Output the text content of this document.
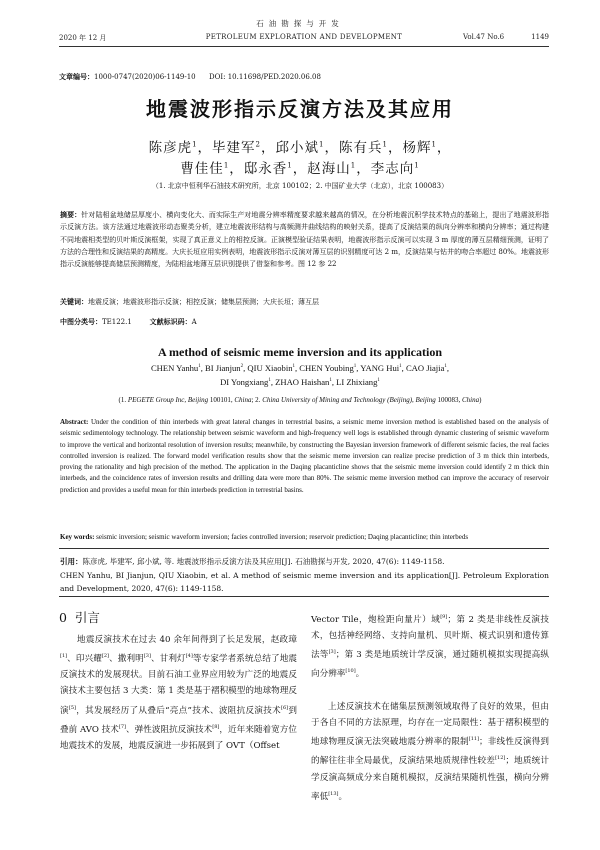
石油勘探与开发
2020 年 12 月	PETROLEUM EXPLORATION AND DEVELOPMENT	Vol.47 No.6	1149
文章编号：1000-0747(2020)06-1149-10 DOI: 10.11698/PED.2020.06.08
地震波形指示反演方法及其应用
陈彦虎$^1$，毕建军$^2$，邱小斌$^1$，陈有兵$^1$，杨辉$^1$，
曹佳佳$^1$，邸永香$^1$，赵海山$^1$，李志向$^1$
（1. 北京中恒利华石油技术研究所，北京 100102；2. 中国矿业大学（北京），北京 100083）
摘要：针对陆相盆地储层厚度小、横向变化大、而实际生产对地震分辨率精度要求越来越高的情况，在分析地震沉积学技术特点的基础上，提出了地震波形指示反演方法。该方法通过地震波形动态聚类分析，建立地震波形结构与高频测井曲线结构的映射关系，提高了反演结果的纵向分辨率和横向分辨率；通过构建不同地震相类型的贝叶斯反演框架，实现了真正意义上的相控反演。正演模型验证结果表明，地震波形指示反演可以实现 3 m 厚度的薄互层精细预测，证明了方法的合理性和反演结果的高精度。大庆长垣应用实例表明，地震波形指示反演对薄互层的识别精度可达 2 m，反演结果与钻井的吻合率超过 80%。地震波形指示反演能够提高储层预测精度，为陆相盆地薄互层识别提供了借鉴和参考。图 12 参 22
关键词：地震反演；地震波形指示反演；相控反演；储集层预测；大庆长垣；薄互层
中图分类号：TE122.1	文献标识码：A
A method of seismic meme inversion and its application
CHEN Yanhu$^1$, BI Jianjun$^2$, QIU Xiaobin$^1$, CHEN Youbing$^1$, YANG Hui$^1$, CAO Jiajia$^1$,
DI Yongxiang$^1$, ZHAO Haishan$^1$, LI Zhixiang$^1$
(1. PEGETE Group Inc, Beijing 100101, China; 2. China University of Mining and Technology (Beijing), Beijing 100083, China)
Abstract: Under the condition of thin interbeds with great lateral changes in terrestrial basins, a seismic meme inversion method is established based on the analysis of seismic sedimentology technology. The relationship between seismic waveform and high-frequency well logs is established through dynamic clustering of seismic waveform to improve the vertical and horizontal resolution of inversion results; meanwhile, by constructing the Bayesian inversion framework of different seismic facies, the real facies controlled inversion is realized. The forward model verification results show that the seismic meme inversion can realize precise prediction of 3 m thick thin interbeds, proving the rationality and high precision of the method. The application in the Daqing placanticline shows that the seismic meme inversion could identify 2 m thick thin interbeds, and the coincidence rates of inversion results and drilling data were more than 80%. The seismic meme inversion method can improve the accuracy of reservoir prediction and provides a useful mean for thin interbeds prediction in terrestrial basins.
Key words: seismic inversion; seismic waveform inversion; facies controlled inversion; reservoir prediction; Daqing placanticline; thin interbeds
引用：陈彦虎, 毕建军, 邱小斌, 等. 地震波形指示反演方法及其应用[J]. 石油勘探与开发, 2020, 47(6): 1149-1158.
CHEN Yanhu, BI Jianjun, QIU Xiaobin, et al. A method of seismic meme inversion and its application[J]. Petroleum Exploration and Development, 2020, 47(6): 1149-1158.
0 引言
地震反演技术在过去 40 余年间得到了长足发展，赵政璋[1]、印兴耀[2]、撒利明[3]、甘利灯[4]等专家学者系统总结了地震反演技术的发展现状。目前石油工业界应用较为广泛的地震反演技术主要包括 3 大类：第 1 类是基于褶积模型的地球物理反演[5]，其发展经历了从叠后“亮点”技术、波阻抗反演技术[6]到叠前 AVO 技术[7]、弹性波阻抗反演技术[8]，近年来随着宽方位地震技术的发展，地震反演进一步拓展到了 OVT（Offset
Vector Tile，炮检距向量片）域[9]；第 2 类是非线性反演技术，包括神经网络、支持向量机、贝叶斯、模式识别和遗传算法等[3]；第 3 类是地质统计学反演，通过随机模拟实现提高纵向分辨率[10]。
上述反演技术在储集层预测领域取得了良好的效果，但由于各自不同的方法原理，均存在一定局限性：基于褶积模型的地球物理反演无法突破地震分辨率的限制[11]；非线性反演得到的解往往非全局最优，反演结果地质规律性较差[12]；地质统计学反演高频成分来自随机模拟，反演结果随机性强，横向分辨率低[13]。
